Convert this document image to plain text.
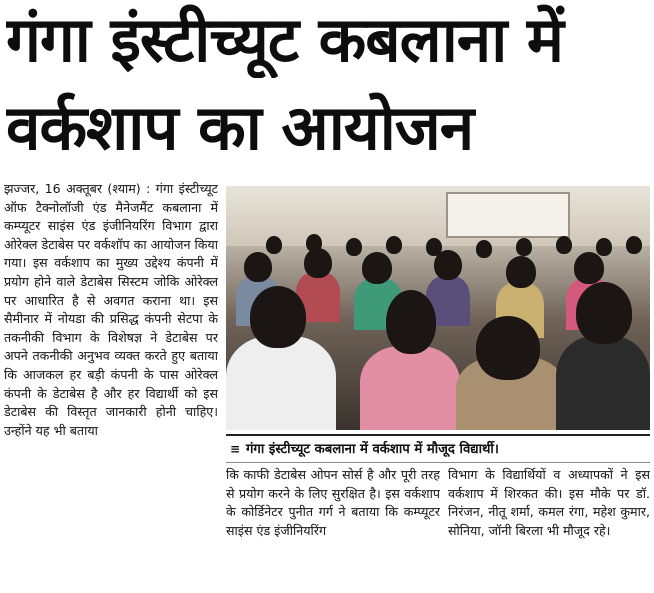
गंगा इंस्टीच्यूट कबलाना में
वर्कशाप का आयोजन
झज्जर, 16 अक्तूबर (श्याम) : गंगा इंस्टीच्यूट ऑफ टैक्नोलॉजी एंड मैनेजमैंट कबलाना में कम्प्यूटर साइंस एंड इंजीनियरिंग विभाग द्वारा ओरेक्ल डेटाबेस पर वर्कशॉप का आयोजन किया गया। इस वर्कशाप का मुख्य उद्देश्य कंपनी में प्रयोग होने वाले डेटाबेस सिस्टम जोकि ओरेक्ल पर आधारित है से अवगत कराना था। इस सैमीनार में नोयडा की प्रसिद्ध कंपनी सेटपा के तकनीकी विभाग के विशेषज्ञ ने डेटाबेस पर अपने तकनीकी अनुभव व्यक्त करते हुए बताया कि आजकल हर बड़ी कंपनी के पास ओरेक्ल कंपनी के डेटाबेस है और हर विद्यार्थी को इस डेटाबेस की विस्तृत जानकारी होनी चाहिए। उन्होंने यह भी बताया
≡ गंगा इंस्टीच्यूट कबलाना में वर्कशाप में मौजूद विद्यार्थी।
कि काफी डेटाबेस ओपन सोर्स है और पूरी तरह से प्रयोग करने के लिए सुरक्षित है। इस वर्कशाप के कोर्डिनेटर पुनीत गर्ग ने बताया कि कम्प्यूटर साइंस एंड इंजीनियरिंग
विभाग के विद्यार्थियों व अध्यापकों ने इस वर्कशाप में शिरकत की। इस मौके पर डॉ. निरंजन, नीतू शर्मा, कमल रंगा, महेश कुमार, सोनिया, जॉनी बिरला भी मौजूद रहे।
